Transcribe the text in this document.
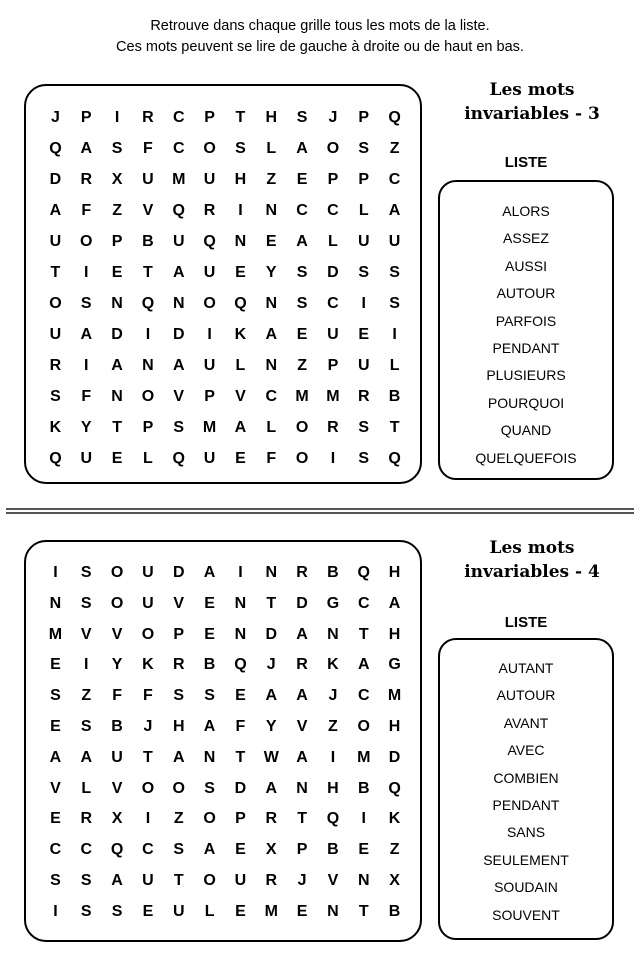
Retrouve dans chaque grille tous les mots de la liste.
Ces mots peuvent se lire de gauche à droite ou de haut en bas.
J	P	I	R	C	P	T	H	S	J	P	Q
Q	A	S	F	C	O	S	L	A	O	S	Z
D	R	X	U	M	U	H	Z	E	P	P	C
A	F	Z	V	Q	R	I	N	C	C	L	A
U	O	P	B	U	Q	N	E	A	L	U	U
T	I	E	T	A	U	E	Y	S	D	S	S
O	S	N	Q	N	O	Q	N	S	C	I	S
U	A	D	I	D	I	K	A	E	U	E	I
R	I	A	N	A	U	L	N	Z	P	U	L
S	F	N	O	V	P	V	C	M	M	R	B
K	Y	T	P	S	M	A	L	O	R	S	T
Q	U	E	L	Q	U	E	F	O	I	S	Q
Les mots
invariables - 3
LISTE
ALORS
ASSEZ
AUSSI
AUTOUR
PARFOIS
PENDANT
PLUSIEURS
POURQUOI
QUAND
QUELQUEFOIS
I	S	O	U	D	A	I	N	R	B	Q	H
N	S	O	U	V	E	N	T	D	G	C	A
M	V	V	O	P	E	N	D	A	N	T	H
E	I	Y	K	R	B	Q	J	R	K	A	G
S	Z	F	F	S	S	E	A	A	J	C	M
E	S	B	J	H	A	F	Y	V	Z	O	H
A	A	U	T	A	N	T	W	A	I	M	D
V	L	V	O	O	S	D	A	N	H	B	Q
E	R	X	I	Z	O	P	R	T	Q	I	K
C	C	Q	C	S	A	E	X	P	B	E	Z
S	S	A	U	T	O	U	R	J	V	N	X
I	S	S	E	U	L	E	M	E	N	T	B
Les mots
invariables - 4
LISTE
AUTANT
AUTOUR
AVANT
AVEC
COMBIEN
PENDANT
SANS
SEULEMENT
SOUDAIN
SOUVENT
